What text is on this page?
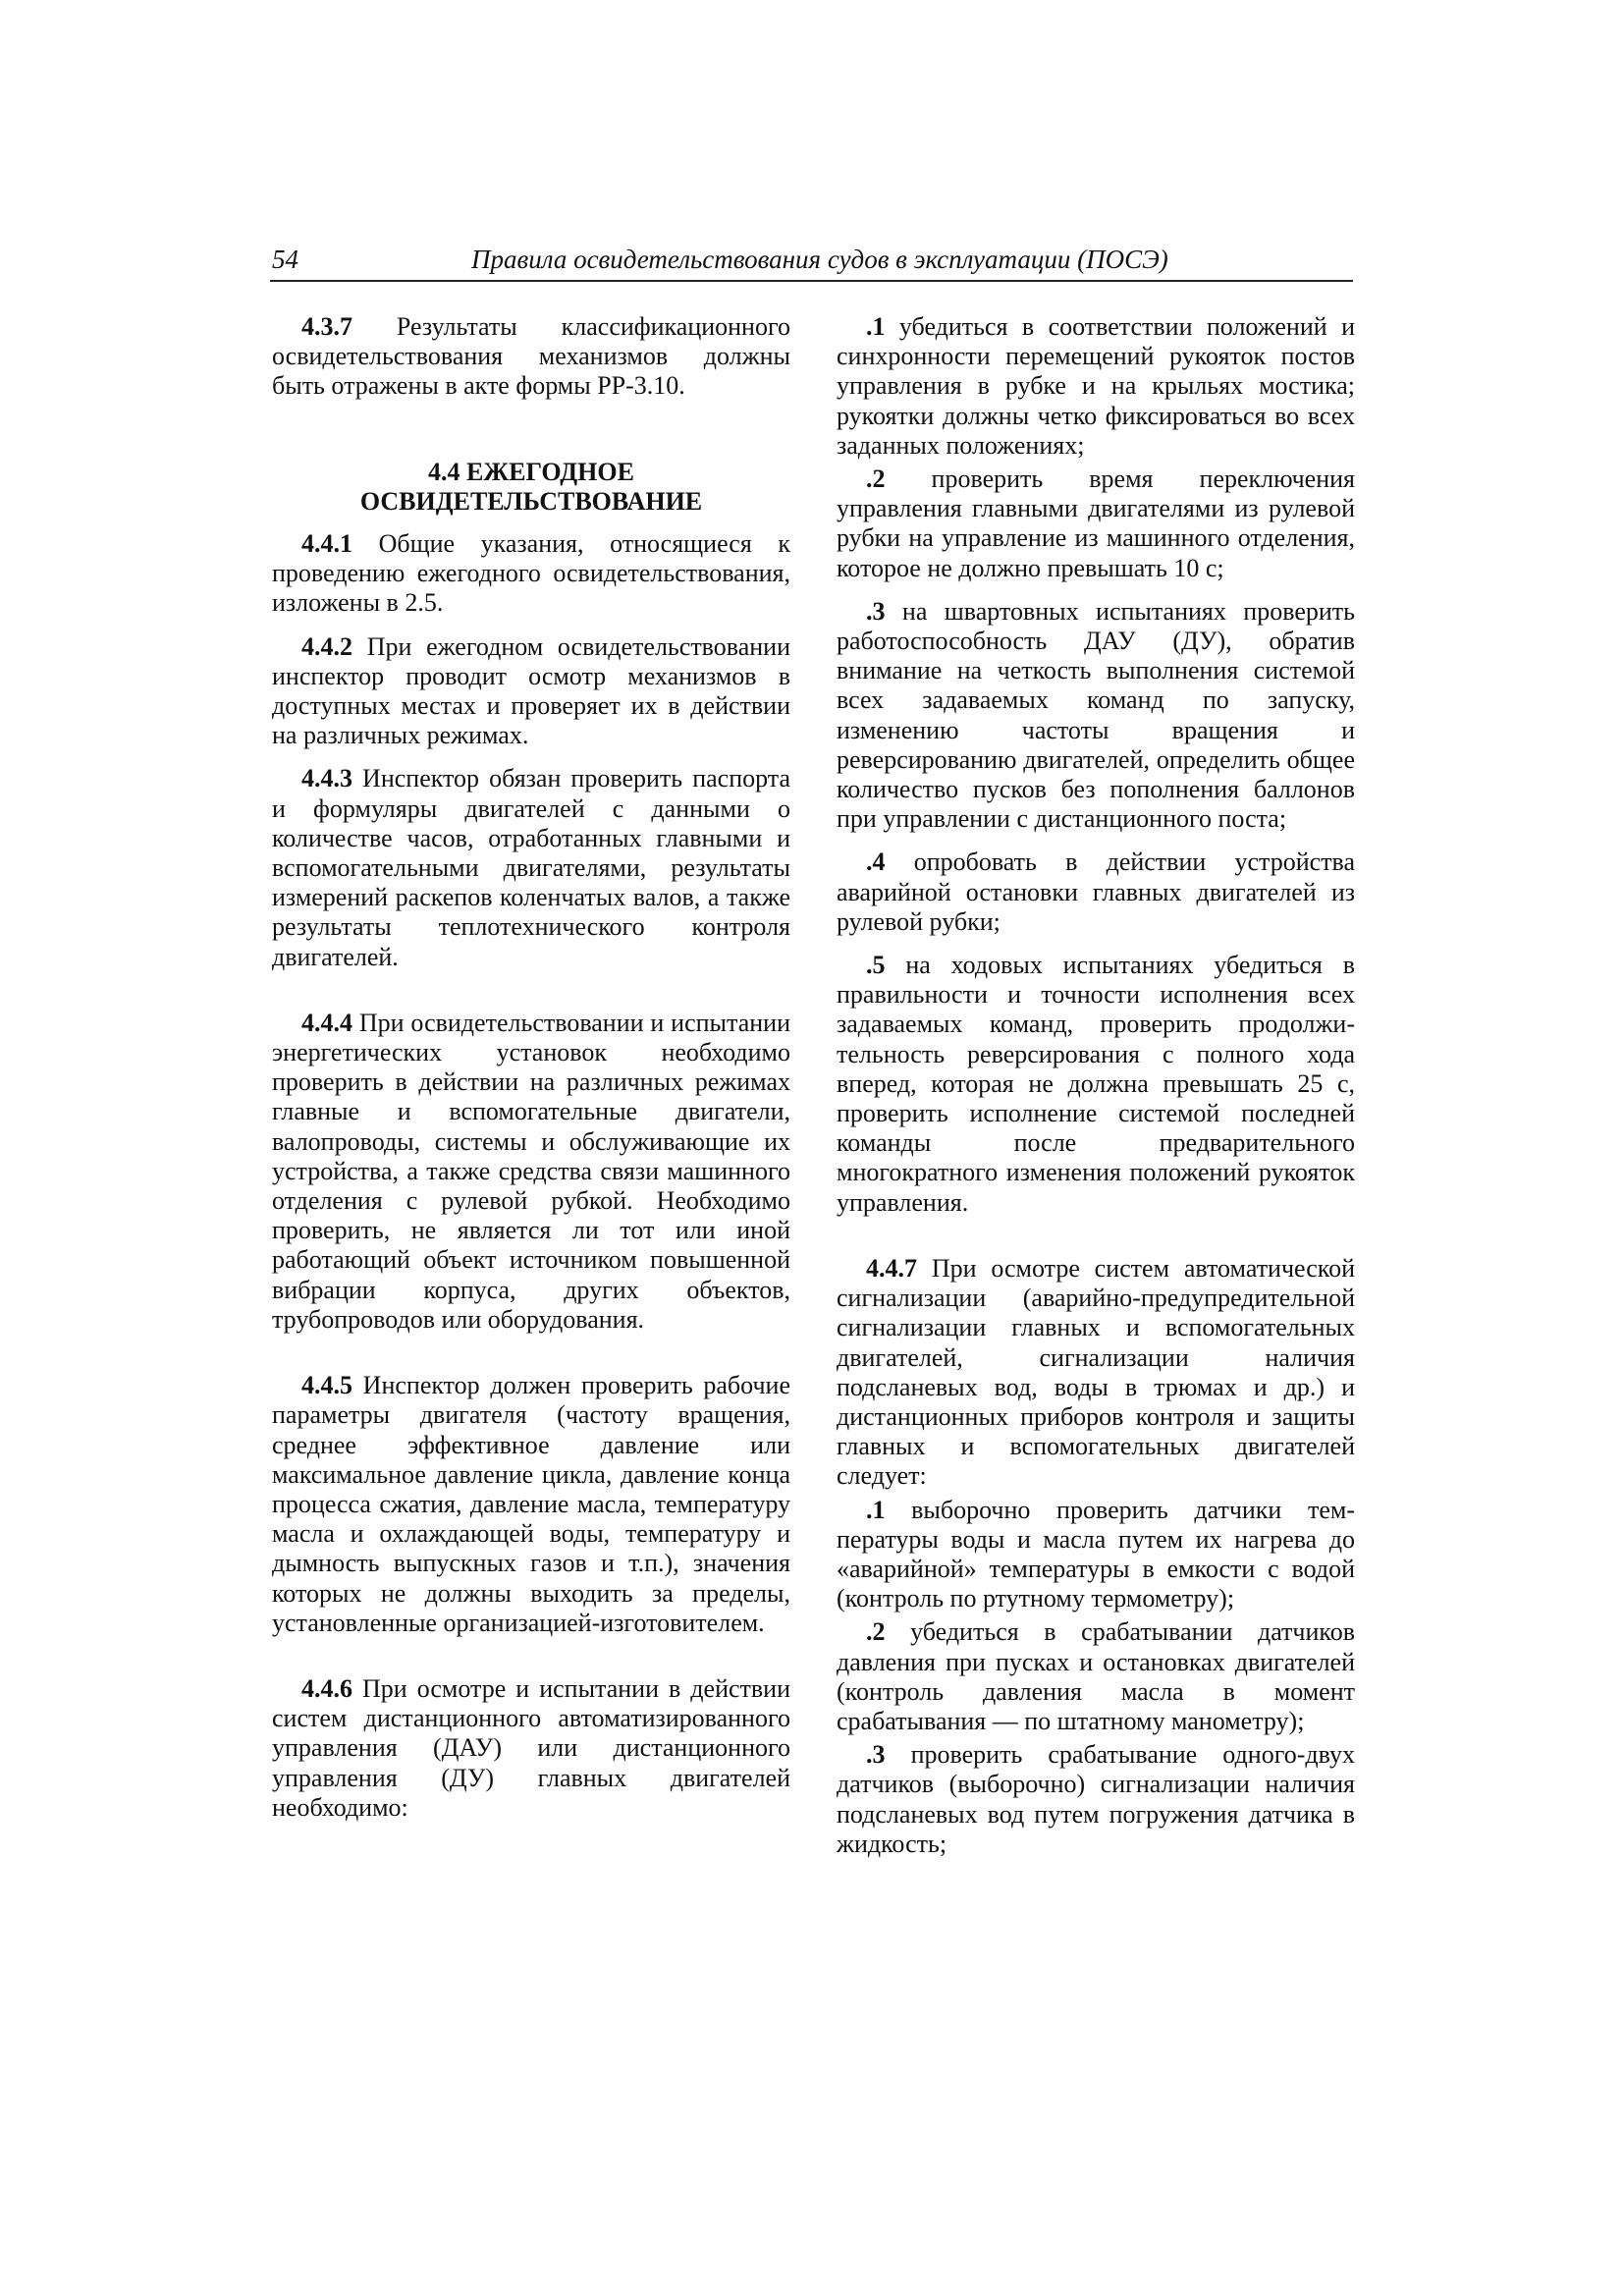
54	Правила освидетельствования судов в эксплуатации (ПОСЭ)

4.3.7 Результаты классификационного освидетельствования механизмов должны быть отражены в акте формы РР-3.10.

4.4 ЕЖЕГОДНОЕ
ОСВИДЕТЕЛЬСТВОВАНИЕ

4.4.1 Общие указания, относящиеся к проведению ежегодного освидетельствования, изложены в 2.5.

4.4.2 При ежегодном освидетельствовании инспектор проводит осмотр механизмов в доступных местах и проверяет их в действии на различных режимах.

4.4.3 Инспектор обязан проверить паспорта и формуляры двигателей с данными о количестве часов, отработанных главными и вспомогательными двигателями, результаты измерений раскепов коленчатых валов, а также результаты теплотехнического контроля двигателей.

4.4.4 При освидетельствовании и испытании энергетических установок необходимо проверить в действии на различных режимах главные и вспомогательные двигатели, валопроводы, системы и обслуживающие их устройства, а также средства связи машинного отделения с рулевой рубкой. Необходимо проверить, не является ли тот или иной работающий объект источником повышенной вибрации корпуса, других объектов, трубопроводов или оборудования.

4.4.5 Инспектор должен проверить рабочие параметры двигателя (частоту вращения, среднее эффективное давление или максимальное давление цикла, давление конца процесса сжатия, давление масла, температуру масла и охлаждающей воды, температуру и дымность выпускных газов и т.п.), значения которых не должны выходить за пределы, установленные организацией-изготовителем.

4.4.6 При осмотре и испытании в действии систем дистанционного автоматизированного управления (ДАУ) или дистанционного управления (ДУ) главных двигателей необходимо:

.1 убедиться в соответствии положений и синхронности перемещений рукояток постов управления в рубке и на крыльях мостика; рукоятки должны четко фиксироваться во всех заданных положениях;

.2 проверить время переключения управления главными двигателями из рулевой рубки на управление из машинного отделения, которое не должно превышать 10 с;

.3 на швартовных испытаниях проверить работоспособность ДАУ (ДУ), обратив внимание на четкость выполнения системой всех задаваемых команд по запуску, изменению частоты вращения и реверсированию двигателей, определить общее количество пусков без пополнения баллонов при управлении с дистанционного поста;

.4 опробовать в действии устройства аварийной остановки главных двигателей из рулевой рубки;

.5 на ходовых испытаниях убедиться в правильности и точности исполнения всех задаваемых команд, проверить продолжительность реверсирования с полного хода вперед, которая не должна превышать 25 с, проверить исполнение системой последней команды после предварительного многократного изменения положений рукояток управления.

4.4.7 При осмотре систем автоматической сигнализации (аварийно-предупредительной сигнализации главных и вспомогательных двигателей, сигнализации наличия подсланевых вод, воды в трюмах и др.) и дистанционных приборов контроля и защиты главных и вспомогательных двигателей следует:

.1 выборочно проверить датчики температуры воды и масла путем их нагрева до «аварийной» температуры в емкости с водой (контроль по ртутному термометру);

.2 убедиться в срабатывании датчиков давления при пусках и остановках двигателей (контроль давления масла в момент срабатывания — по штатному манометру);

.3 проверить срабатывание одного-двух датчиков (выборочно) сигнализации наличия подсланевых вод путем погружения датчика в жидкость;
